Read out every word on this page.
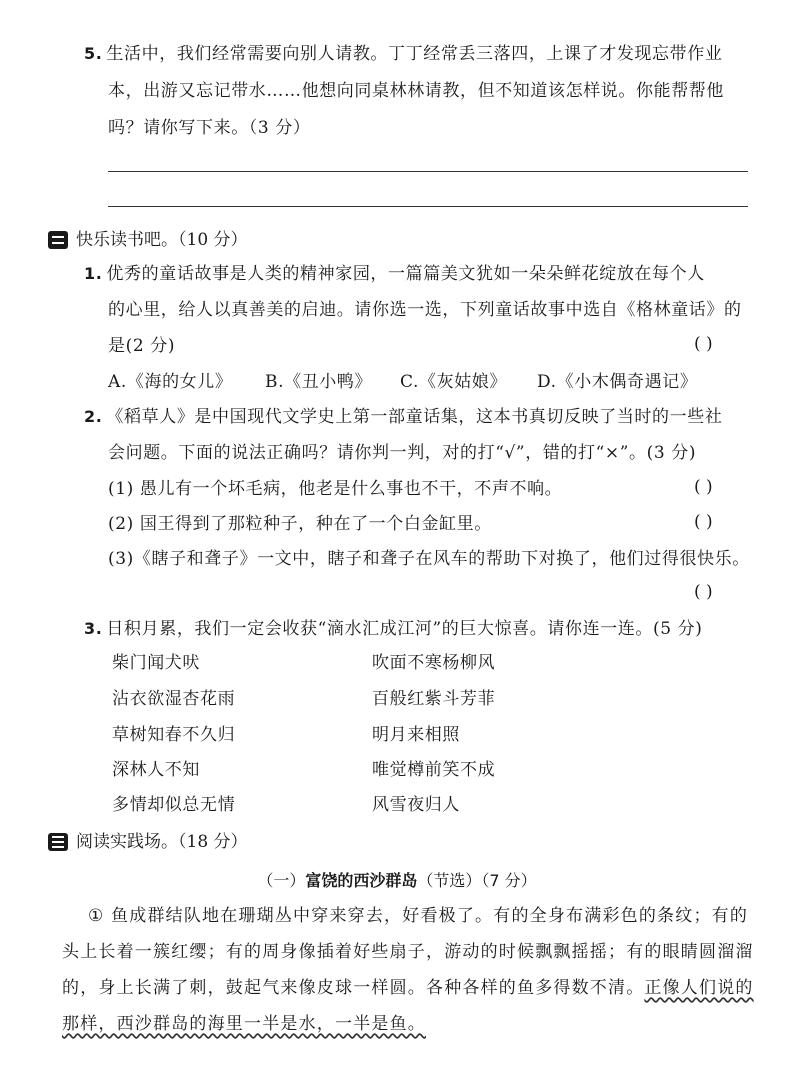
5. 生活中，我们经常需要向别人请教。丁丁经常丢三落四，上课了才发现忘带作业
本，出游又忘记带水……他想向同桌林林请教，但不知道该怎样说。你能帮帮他
吗？请你写下来。（3 分）
快乐读书吧。（10 分）
1. 优秀的童话故事是人类的精神家园，一篇篇美文犹如一朵朵鲜花绽放在每个人
的心里，给人以真善美的启迪。请你选一选，下列童话故事中选自《格林童话》的
是(2 分)	( )
A.《海的女儿》 B.《丑小鸭》 C.《灰姑娘》 D.《小木偶奇遇记》
2. 《稻草人》是中国现代文学史上第一部童话集，这本书真切反映了当时的一些社
会问题。下面的说法正确吗？请你判一判，对的打“√”，错的打“×”。(3 分)
(1) 愚儿有一个坏毛病，他老是什么事也不干，不声不响。	( )
(2) 国王得到了那粒种子，种在了一个白金缸里。	( )
(3)《瞎子和聋子》一文中，瞎子和聋子在风车的帮助下对换了，他们过得很快乐。
( )
3. 日积月累，我们一定会收获“滴水汇成江河”的巨大惊喜。请你连一连。(5 分)
柴门闻犬吠	吹面不寒杨柳风
沾衣欲湿杏花雨	百般红紫斗芳菲
草树知春不久归	明月来相照
深林人不知	唯觉樽前笑不成
多情却似总无情	风雪夜归人
阅读实践场。（18 分）
（一）富饶的西沙群岛（节选）（7 分）
① 鱼成群结队地在珊瑚丛中穿来穿去，好看极了。有的全身布满彩色的条纹；有的
头上长着一簇红缨；有的周身像插着好些扇子，游动的时候飘飘摇摇；有的眼睛圆溜溜
的，身上长满了刺，鼓起气来像皮球一样圆。各种各样的鱼多得数不清。正像人们说的
那样，西沙群岛的海里一半是水，一半是鱼。
